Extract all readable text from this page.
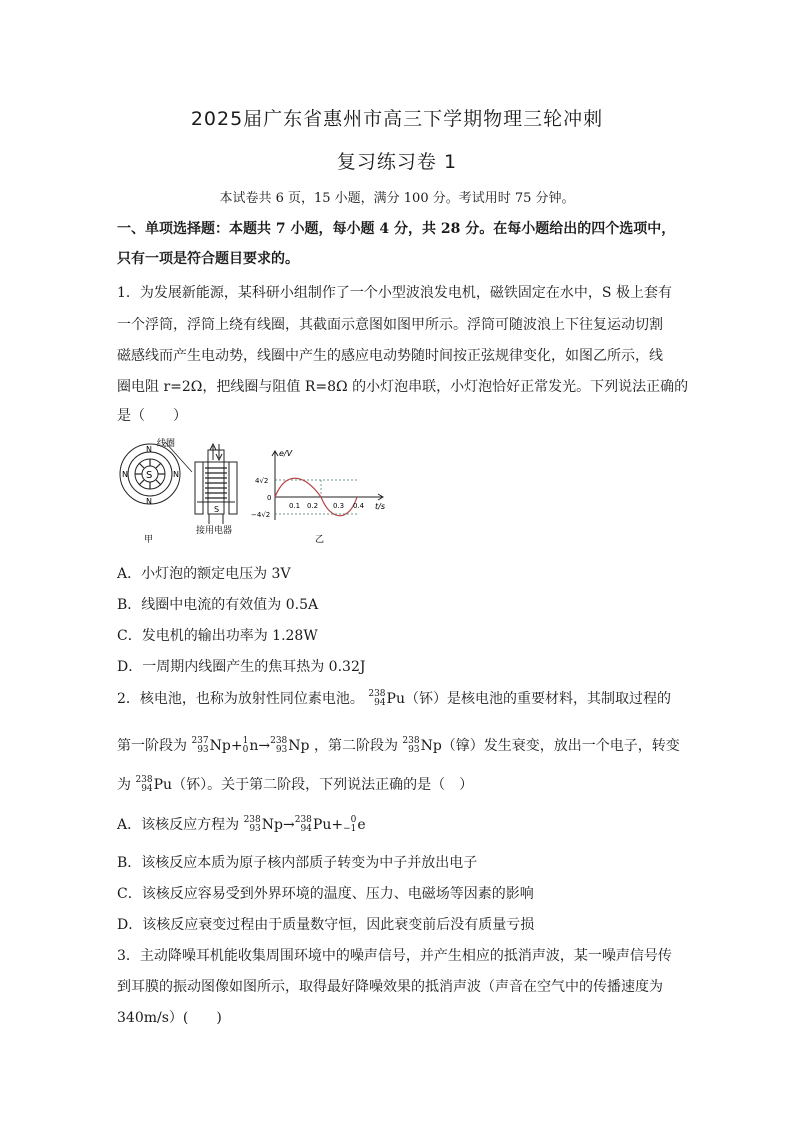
2025届广东省惠州市高三下学期物理三轮冲刺
复习练习卷 1
本试卷共 6 页，15 小题，满分 100 分。考试用时 75 分钟。
一、单项选择题：本题共 7 小题，每小题 4 分，共 28 分。在每小题给出的四个选项中，
只有一项是符合题目要求的。
1．为发展新能源，某科研小组制作了一个小型波浪发电机，磁铁固定在水中，S 极上套有
一个浮筒，浮筒上绕有线圈，其截面示意图如图甲所示。浮筒可随波浪上下往复运动切割
磁感线而产生电动势，线圈中产生的感应电动势随时间按正弦规律变化，如图乙所示，线
圈电阻 r=2Ω，把线圈与阻值 R=8Ω 的小灯泡串联，小灯泡恰好正常发光。下列说法正确的
是（　　）
S
N
N
N	N
线圈
S
接用电器
甲
e/V
t/s
4√2
−4√2
0
0.1 0.2 0.3 0.4
乙
A．小灯泡的额定电压为 3V
B．线圈中电流的有效值为 0.5A
C．发电机的输出功率为 1.28W
D．一周期内线圈产生的焦耳热为 0.32J
2．核电池，也称为放射性同位素电池。 238
94 Pu（钚）是核电池的重要材料，其制取过程的
第一阶段为 237
93 Np+ 1
0 n→ 238
93 Np ，第二阶段为 238
93 Np（镎）发生衰变，放出一个电子，转变
为 238
94 Pu（钚）。关于第二阶段，下列说法正确的是（　）
A．该核反应方程为 238
93 Np→ 238
94 Pu+ 0
−1 e
B．该核反应本质为原子核内部质子转变为中子并放出电子
C．该核反应容易受到外界环境的温度、压力、电磁场等因素的影响
D．该核反应衰变过程由于质量数守恒，因此衰变前后没有质量亏损
3．主动降噪耳机能收集周围环境中的噪声信号，并产生相应的抵消声波，某一噪声信号传
到耳膜的振动图像如图所示，取得最好降噪效果的抵消声波（声音在空气中的传播速度为
340m/s）(　　)
